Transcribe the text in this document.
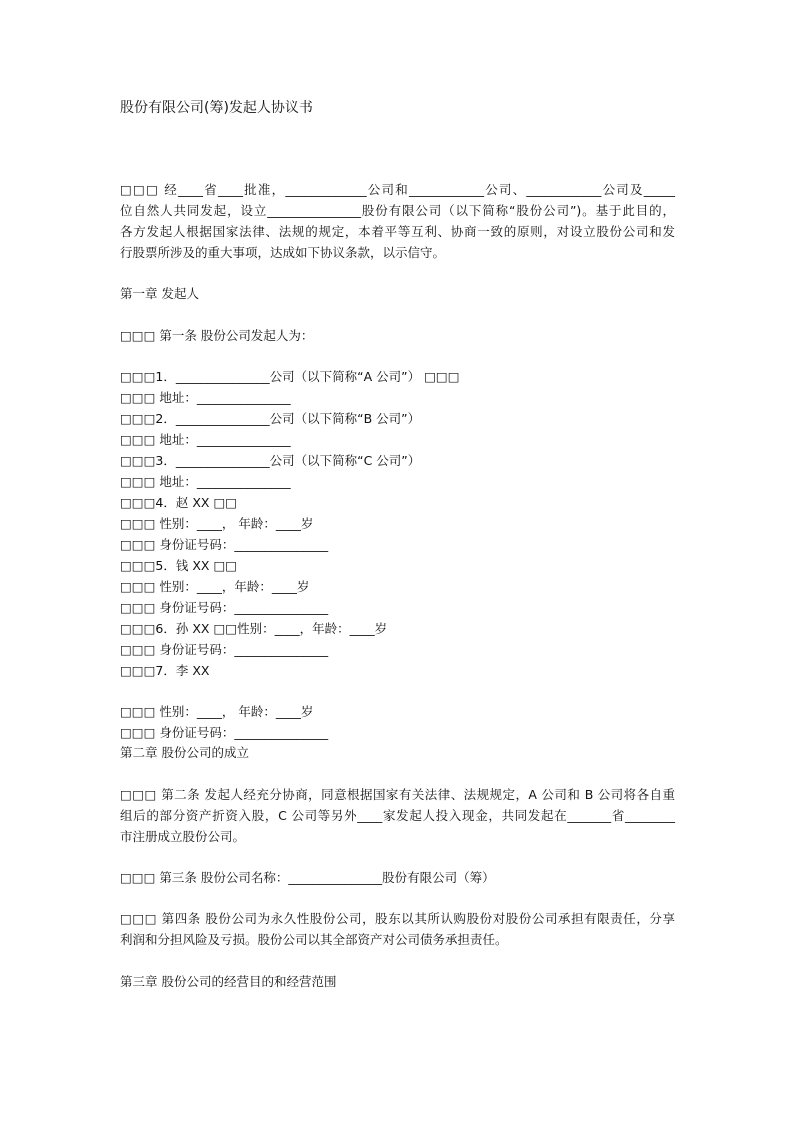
股份有限公司(筹)发起人协议书
□□□ 经____省____批准，_____________公司和____________公司、____________公司及_____
位自然人共同发起，设立_______________股份有限公司（以下简称“股份公司”)。基于此目的，
各方发起人根据国家法律、法规的规定，本着平等互利、协商一致的原则，对设立股份公司和发
行股票所涉及的重大事项，达成如下协议条款，以示信守。
第一章 发起人
□□□ 第一条 股份公司发起人为：
□□□1．_______________公司（以下简称“A 公司”） □□□
□□□ 地址：_______________
□□□2．_______________公司（以下简称“B 公司”）
□□□ 地址：_______________
□□□3．_______________公司（以下简称“C 公司”）
□□□ 地址：_______________
□□□4．赵 XX □□
□□□ 性别：____， 年龄：____岁
□□□ 身份证号码：_______________
□□□5．钱 XX □□
□□□ 性别：____，年龄：____岁
□□□ 身份证号码：_______________
□□□6．孙 XX □□性别：____，年龄：____岁
□□□ 身份证号码：_______________
□□□7．李 XX
□□□ 性别：____， 年龄：____岁
□□□ 身份证号码：_______________
第二章 股份公司的成立
□□□ 第二条 发起人经充分协商，同意根据国家有关法律、法规规定，A 公司和 B 公司将各自重
组后的部分资产折资入股，C 公司等另外____家发起人投入现金，共同发起在_______省________
市注册成立股份公司。
□□□ 第三条 股份公司名称：_______________股份有限公司（筹）
□□□ 第四条 股份公司为永久性股份公司，股东以其所认购股份对股份公司承担有限责任，分享
利润和分担风险及亏损。股份公司以其全部资产对公司债务承担责任。
第三章 股份公司的经营目的和经营范围
